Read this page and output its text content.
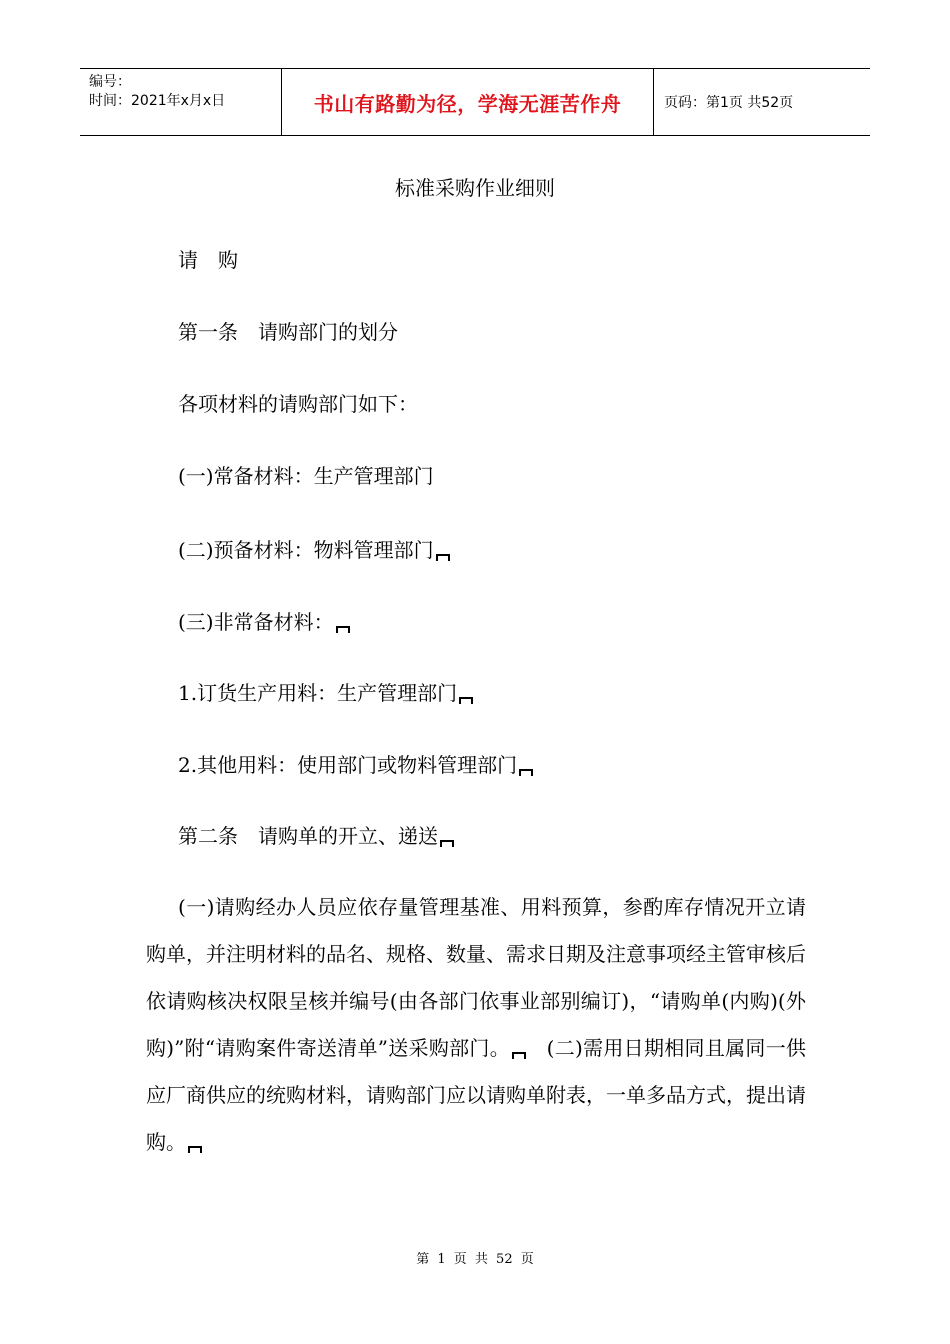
编号：
时间：2021年x月x日	书山有路勤为径，学海无涯苦作舟	页码：第1页 共52页
标准采购作业细则
请　购
第一条　请购部门的划分
各项材料的请购部门如下：
(一)常备材料：生产管理部门
(二)预备材料：物料管理部门
(三)非常备材料：
1.订货生产用料：生产管理部门
2.其他用料：使用部门或物料管理部门
第二条　请购单的开立、递送
(一)请购经办人员应依存量管理基准、用料预算，参酌库存情况开立请购单，并注明材料的品名、规格、数量、需求日期及注意事项经主管审核后依请购核决权限呈核并编号(由各部门依事业部别编订)，“请购单(内购)(外购)”附“请购案件寄送清单”送采购部门。　 (二)需用日期相同且属同一供应厂商供应的统购材料，请购部门应以请购单附表，一单多品方式，提出请购。
第 1 页 共 52 页
